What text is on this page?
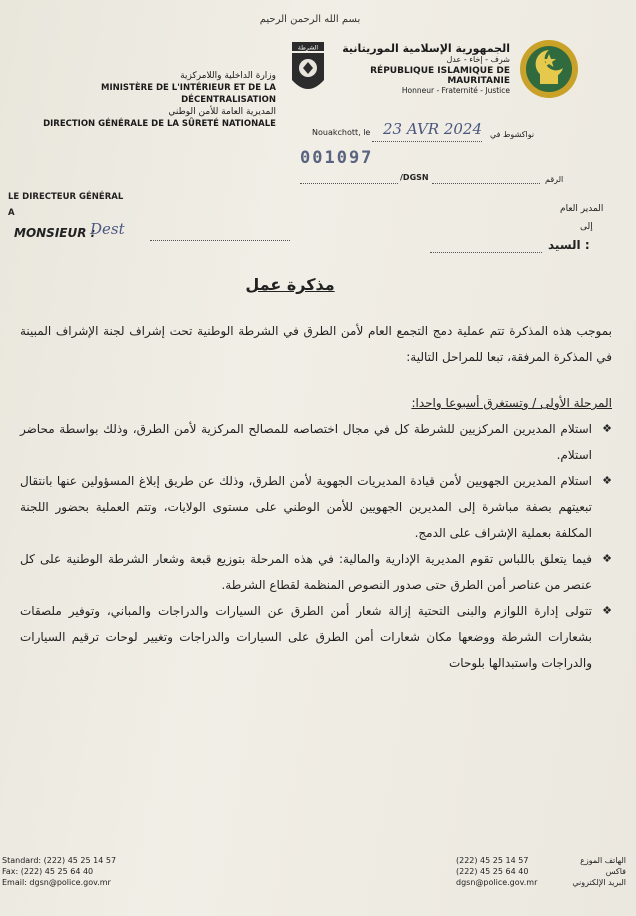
بسم الله الرحمن الرحيم
وزارة الداخلية واللامركزية
MINISTÈRE DE L'INTÉRIEUR ET DE LA DÉCENTRALISATION
المديرية العامة للأمن الوطني
DIRECTION GÉNÉRALE DE LA SÛRETÉ NATIONALE
الشرطة	الجمهورية الإسلامية الموريتانية
شرف - إخاء - عدل
RÉPUBLIQUE ISLAMIQUE DE MAURITANIE
Honneur - Fraternité - Justice
Nouakchott, le 23 AVR 2024 نواكشوط في
001097
/DGSN	الرقم
LE DIRECTEUR GÉNÉRAL
A
MONSIEUR :
Dest
المدير العام
إلى
السيد :
مذكرة عمل

بموجب هذه المذكرة تتم عملية دمج التجمع العام لأمن الطرق في الشرطة الوطنية تحت إشراف لجنة الإشراف المبينة في المذكرة المرفقة، تبعا للمراحل التالية:

المرحلة الأولى / وتستغرق أسبوعا واحدا:

❖ استلام المديرين المركزيين للشرطة كل في مجال اختصاصه للمصالح المركزية لأمن الطرق، وذلك بواسطة محاضر استلام.

❖ استلام المديرين الجهويين لأمن قيادة المديريات الجهوية لأمن الطرق، وذلك عن طريق إبلاغ المسؤولين عنها بانتقال تبعيتهم بصفة مباشرة إلى المديرين الجهويين للأمن الوطني على مستوى الولايات، وتتم العملية بحضور اللجنة المكلفة بعملية الإشراف على الدمج.

❖ فيما يتعلق باللباس تقوم المديرية الإدارية والمالية: في هذه المرحلة بتوزيع قبعة وشعار الشرطة الوطنية على كل عنصر من عناصر أمن الطرق حتى صدور النصوص المنظمة لقطاع الشرطة.

❖ تتولى إدارة اللوازم والبنى التحتية إزالة شعار أمن الطرق عن السيارات والدراجات والمباني، وتوفير ملصقات بشعارات الشرطة ووضعها مكان شعارات أمن الطرق على السيارات والدراجات وتغيير لوحات ترقيم السيارات والدراجات واستبدالها بلوحات

Standard: (222) 45 25 14 57
Fax: (222) 45 25 64 40
Email: dgsn@police.gov.mr
(222) 45 25 14 57	الهاتف الموزع
(222) 45 25 64 40	فاكس
dgsn@police.gov.mr	البريد الإلكتروني
